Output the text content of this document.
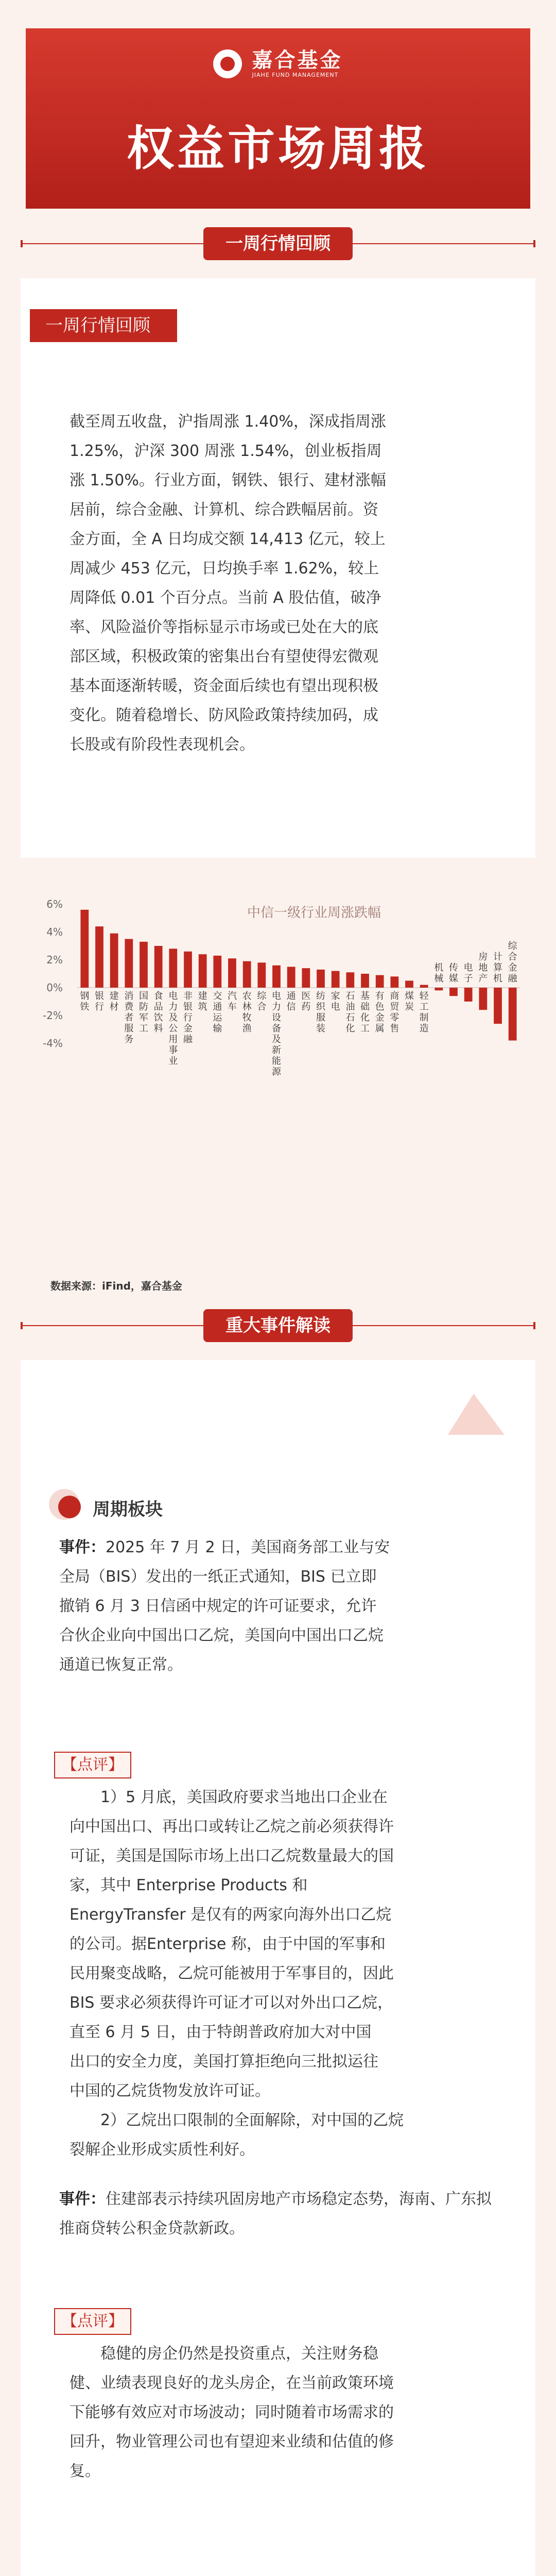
嘉合基金
JIAHE FUND MANAGEMENT
权益市场周报
一周行情回顾
一周行情回顾
截至周五收盘，沪指周涨 1.40%，深成指周涨
1.25%，沪深 300 周涨 1.54%，创业板指周
涨 1.50%。行业方面，钢铁、银行、建材涨幅
居前，综合金融、计算机、综合跌幅居前。资
金方面，全 A 日均成交额 14,413 亿元，较上
周减少 453 亿元，日均换手率 1.62%，较上
周降低 0.01 个百分点。当前 A 股估值，破净
率、风险溢价等指标显示市场或已处在大的底
部区域，积极政策的密集出台有望使得宏微观
基本面逐渐转暖，资金面后续也有望出现积极
变化。随着稳增长、防风险政策持续加码，成
长股或有阶段性表现机会。
中信一级行业周涨跌幅
6%
4%
2%
0%
-2%
-4%
钢铁
银行
建材
消费者服务
国防军工
食品饮料
电力及公用事业
非银行金融
建筑
交通运输
汽车
农林牧渔
综合
电力设备及新能源
通信
医药
纺织服装
家电
石油石化
基础化工
有色金属
商贸零售
煤炭
轻工制造
械机
媒传
子电
产地房
机算计
融金合综
数据来源：iFind，嘉合基金
重大事件解读
周期板块
事件：2025 年 7 月 2 日，美国商务部工业与安
全局（BIS）发出的一纸正式通知，BIS 已立即
撤销 6 月 3 日信函中规定的许可证要求，允许
合伙企业向中国出口乙烷，美国向中国出口乙烷
通道已恢复正常。
【点评】
1）5 月底，美国政府要求当地出口企业在
向中国出口、再出口或转让乙烷之前必须获得许
可证，美国是国际市场上出口乙烷数量最大的国
家，其中 Enterprise Products 和
EnergyTransfer 是仅有的两家向海外出口乙烷
的公司。据Enterprise 称，由于中国的军事和
民用聚变战略，乙烷可能被用于军事目的，因此
BIS 要求必须获得许可证才可以对外出口乙烷，
直至 6 月 5 日，由于特朗普政府加大对中国
出口的安全力度，美国打算拒绝向三批拟运往
中国的乙烷货物发放许可证。
2）乙烷出口限制的全面解除，对中国的乙烷
裂解企业形成实质性利好。
事件：住建部表示持续巩固房地产市场稳定态势，海南、广东拟推商贷转公积金贷款新政。
【点评】
稳健的房企仍然是投资重点，关注财务稳
健、业绩表现良好的龙头房企，在当前政策环境
下能够有效应对市场波动；同时随着市场需求的
回升，物业管理公司也有望迎来业绩和估值的修
复。
